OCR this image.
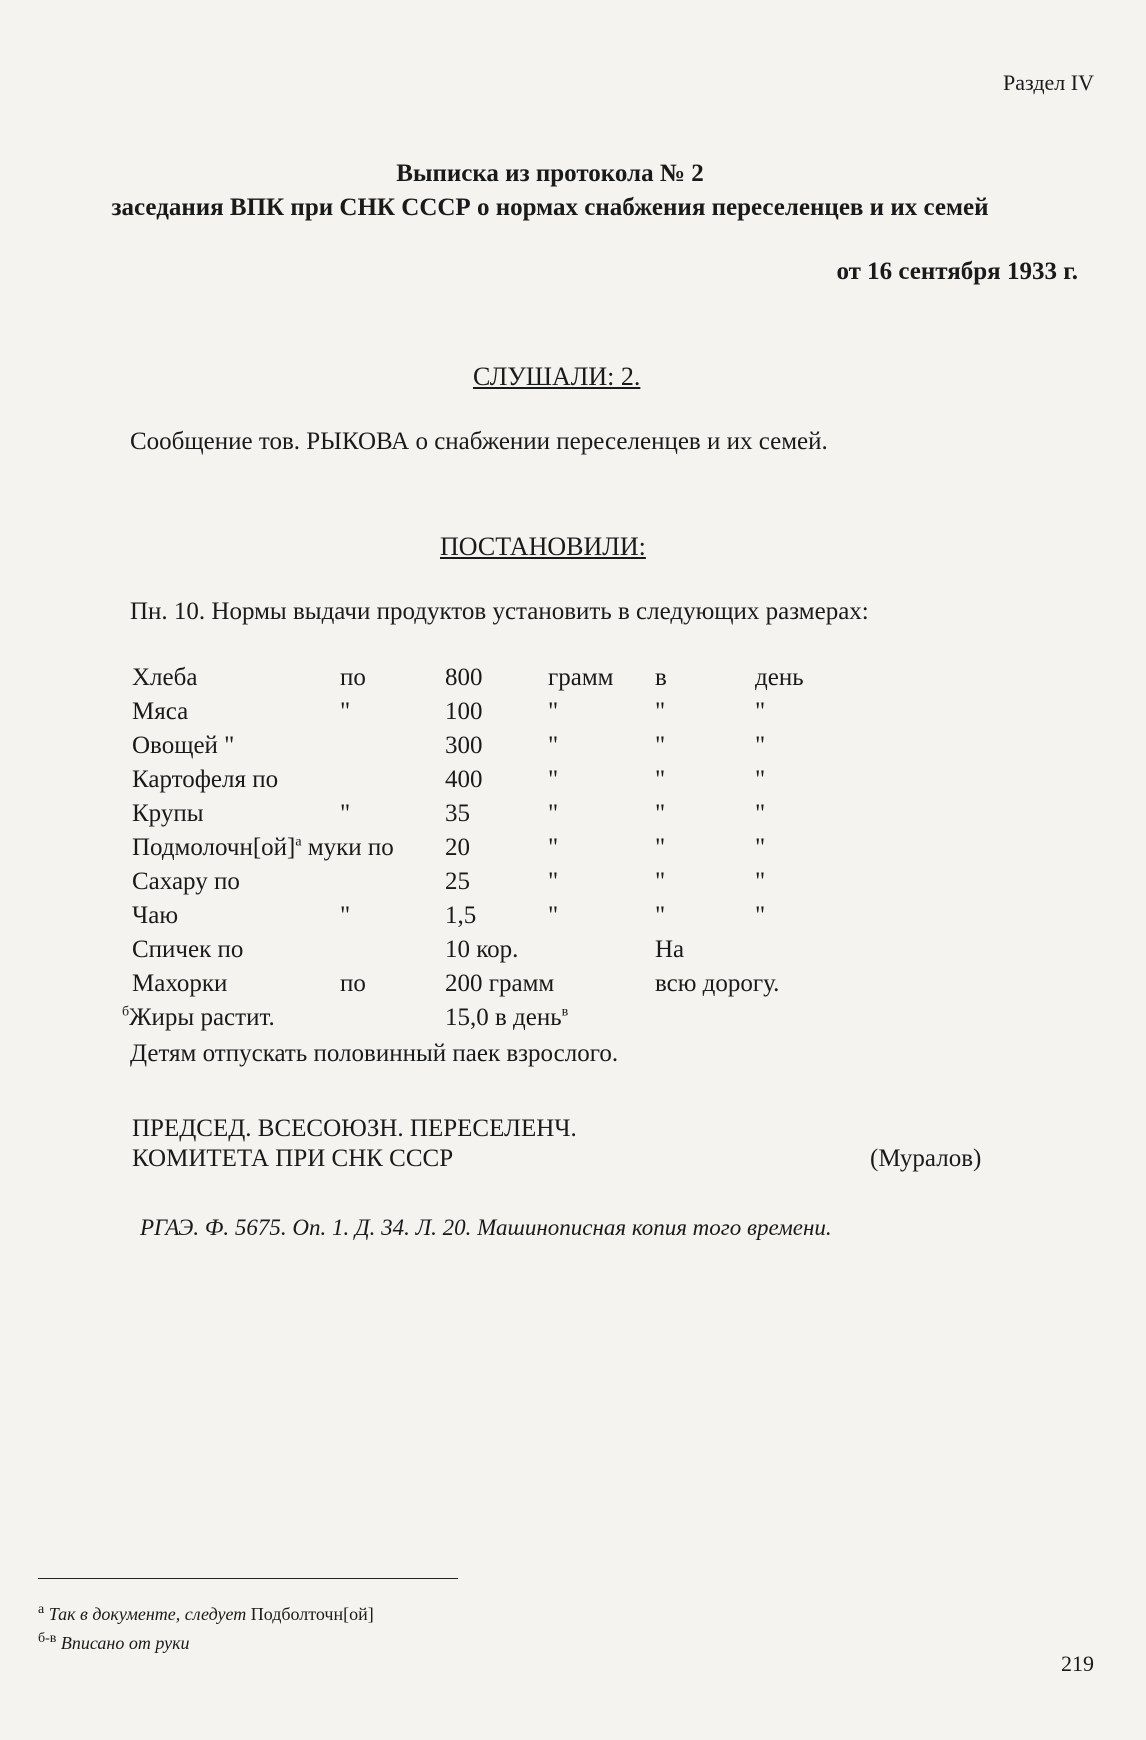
Раздел IV
Выписка из протокола № 2
заседания ВПК при СНК СССР о нормах снабжения переселенцев и их семей
от 16 сентября 1933 г.
СЛУШАЛИ: 2.
Сообщение тов. РЫКОВА о снабжении переселенцев и их семей.
ПОСТАНОВИЛИ:
Пн. 10. Нормы выдачи продуктов установить в следующих размерах:
Хлеба	по	800	грамм в	день
Мяса	"	100	"	"	"
Овощей "	300	"	"	"
Картофеля по	400	"	"	"
Крупы	"	35	"	"	"
Подмолочн[ой]$^а$ муки по 20	"	"	"
Сахару по	25	"	"	"
Чаю	"	1,5	"	"	"
Спичек по	10 кор.	На
Махорки	по	200 грамм	всю дорогу.
$^б$Жиры растит.	15,0 в день$^в$
Детям отпускать половинный паек взрослого.
ПРЕДСЕД. ВСЕСОЮЗН. ПЕРЕСЕЛЕНЧ.
КОМИТЕТА ПРИ СНК СССР	(Муралов)
РГАЭ. Ф. 5675. Оп. 1. Д. 34. Л. 20. Машинописная копия того времени.
$^а$ Так в документе, следует Подболточн[ой]
$^{б-в}$ Вписано от руки
219
